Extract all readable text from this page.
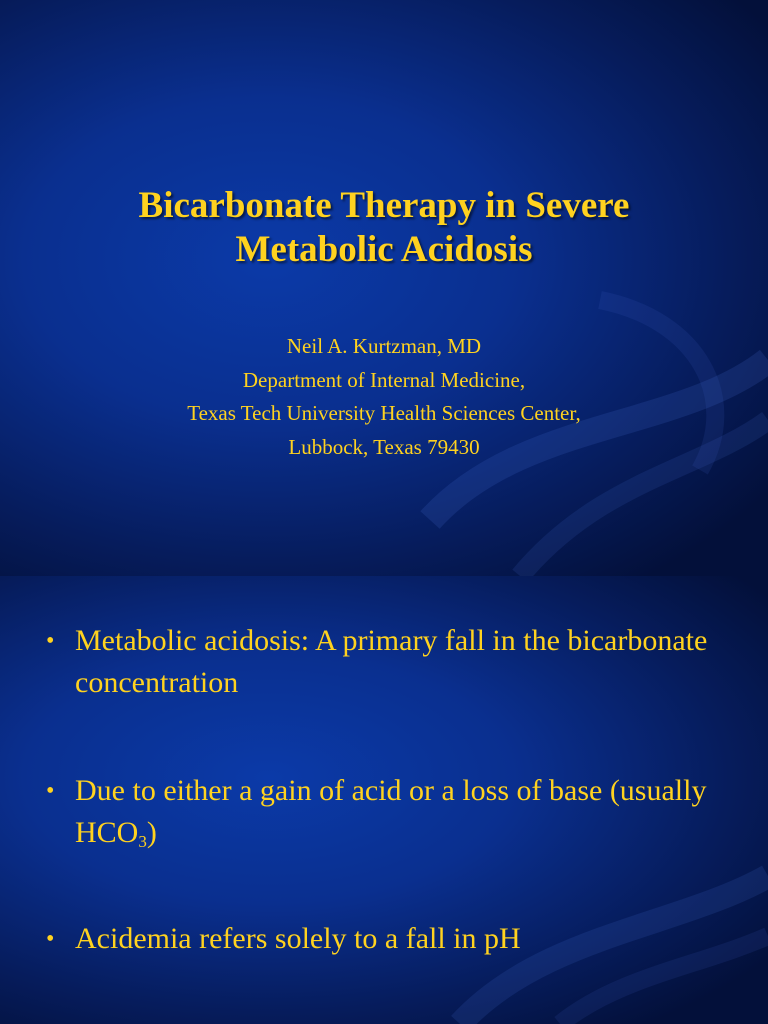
Bicarbonate Therapy in Severe
Metabolic Acidosis
Neil A. Kurtzman, MD
Department of Internal Medicine,
Texas Tech University Health Sciences Center,
Lubbock, Texas 79430
• Metabolic acidosis: A primary fall in the bicarbonate concentration
• Due to either a gain of acid or a loss of base (usually $HCO_3$)
• Acidemia refers solely to a fall in pH
